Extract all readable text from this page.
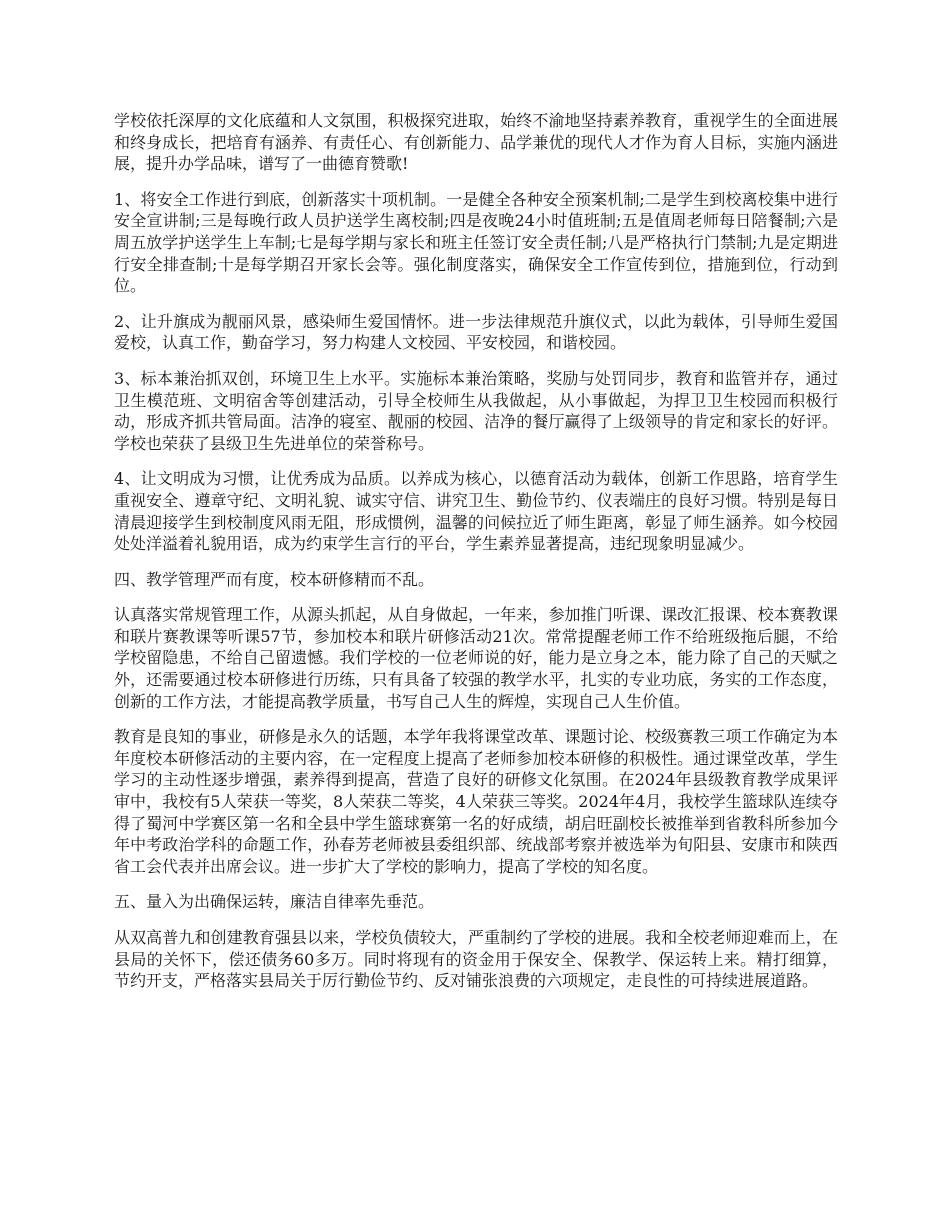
学校依托深厚的文化底蕴和人文氛围，积极探究进取，始终不渝地坚持素养教育，重视学生的全面进展和终身成长，把培育有涵养、有责任心、有创新能力、品学兼优的现代人才作为育人目标，实施内涵进展，提升办学品味，谱写了一曲德育赞歌!

1、将安全工作进行到底，创新落实十项机制。一是健全各种安全预案机制;二是学生到校离校集中进行安全宣讲制;三是每晚行政人员护送学生离校制;四是夜晚24小时值班制;五是值周老师每日陪餐制;六是周五放学护送学生上车制;七是每学期与家长和班主任签订安全责任制;八是严格执行门禁制;九是定期进行安全排查制;十是每学期召开家长会等。强化制度落实，确保安全工作宣传到位，措施到位，行动到位。

2、让升旗成为靓丽风景，感染师生爱国情怀。进一步法律规范升旗仪式，以此为载体，引导师生爱国爱校，认真工作，勤奋学习，努力构建人文校园、平安校园，和谐校园。

3、标本兼治抓双创，环境卫生上水平。实施标本兼治策略，奖励与处罚同步，教育和监管并存，通过卫生模范班、文明宿舍等创建活动，引导全校师生从我做起，从小事做起，为捍卫卫生校园而积极行动，形成齐抓共管局面。洁净的寝室、靓丽的校园、洁净的餐厅赢得了上级领导的肯定和家长的好评。学校也荣获了县级卫生先进单位的荣誉称号。

4、让文明成为习惯，让优秀成为品质。以养成为核心，以德育活动为载体，创新工作思路，培育学生重视安全、遵章守纪、文明礼貌、诚实守信、讲究卫生、勤俭节约、仪表端庄的良好习惯。特别是每日清晨迎接学生到校制度风雨无阻，形成惯例，温馨的问候拉近了师生距离，彰显了师生涵养。如今校园处处洋溢着礼貌用语，成为约束学生言行的平台，学生素养显著提高，违纪现象明显减少。

四、教学管理严而有度，校本研修精而不乱。

认真落实常规管理工作，从源头抓起，从自身做起，一年来，参加推门听课、课改汇报课、校本赛教课和联片赛教课等听课57节，参加校本和联片研修活动21次。常常提醒老师工作不给班级拖后腿，不给学校留隐患，不给自己留遗憾。我们学校的一位老师说的好，能力是立身之本，能力除了自己的天赋之外，还需要通过校本研修进行历练，只有具备了较强的教学水平，扎实的专业功底，务实的工作态度，创新的工作方法，才能提高教学质量，书写自己人生的辉煌，实现自己人生价值。

教育是良知的事业，研修是永久的话题，本学年我将课堂改革、课题讨论、校级赛教三项工作确定为本年度校本研修活动的主要内容，在一定程度上提高了老师参加校本研修的积极性。通过课堂改革，学生学习的主动性逐步增强，素养得到提高，营造了良好的研修文化氛围。在2024年县级教育教学成果评审中，我校有5人荣获一等奖，8人荣获二等奖，4人荣获三等奖。2024年4月，我校学生篮球队连续夺得了蜀河中学赛区第一名和全县中学生篮球赛第一名的好成绩，胡启旺副校长被推举到省教科所参加今年中考政治学科的命题工作，孙春芳老师被县委组织部、统战部考察并被选举为旬阳县、安康市和陕西省工会代表并出席会议。进一步扩大了学校的影响力，提高了学校的知名度。

五、量入为出确保运转，廉洁自律率先垂范。

从双高普九和创建教育强县以来，学校负债较大，严重制约了学校的进展。我和全校老师迎难而上，在县局的关怀下，偿还债务60多万。同时将现有的资金用于保安全、保教学、保运转上来。精打细算，节约开支，严格落实县局关于厉行勤俭节约、反对铺张浪费的六项规定，走良性的可持续进展道路。
